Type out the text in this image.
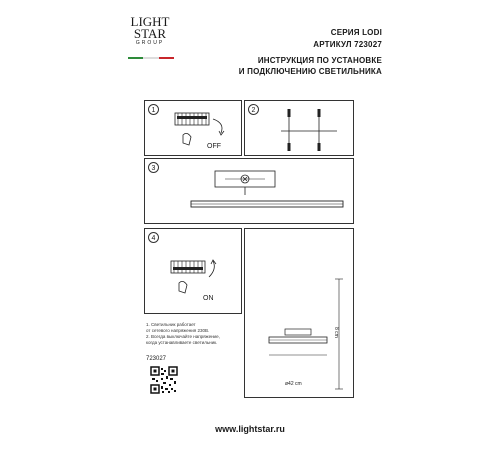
LIGHT
STAR
GROUP
СЕРИЯ LODI
АРТИКУЛ 723027
ИНСТРУКЦИЯ ПО УСТАНОВКЕ
И ПОДКЛЮЧЕНИЮ СВЕТИЛЬНИКА
1
OFF
2
3
4
ON
8 cm
ø42 cm
1. Светильник работает
от сетевого напряжения 230В.
2. Всегда выключайте напряжение,
когда устанавливаете светильник.
723027
www.lightstar.ru
